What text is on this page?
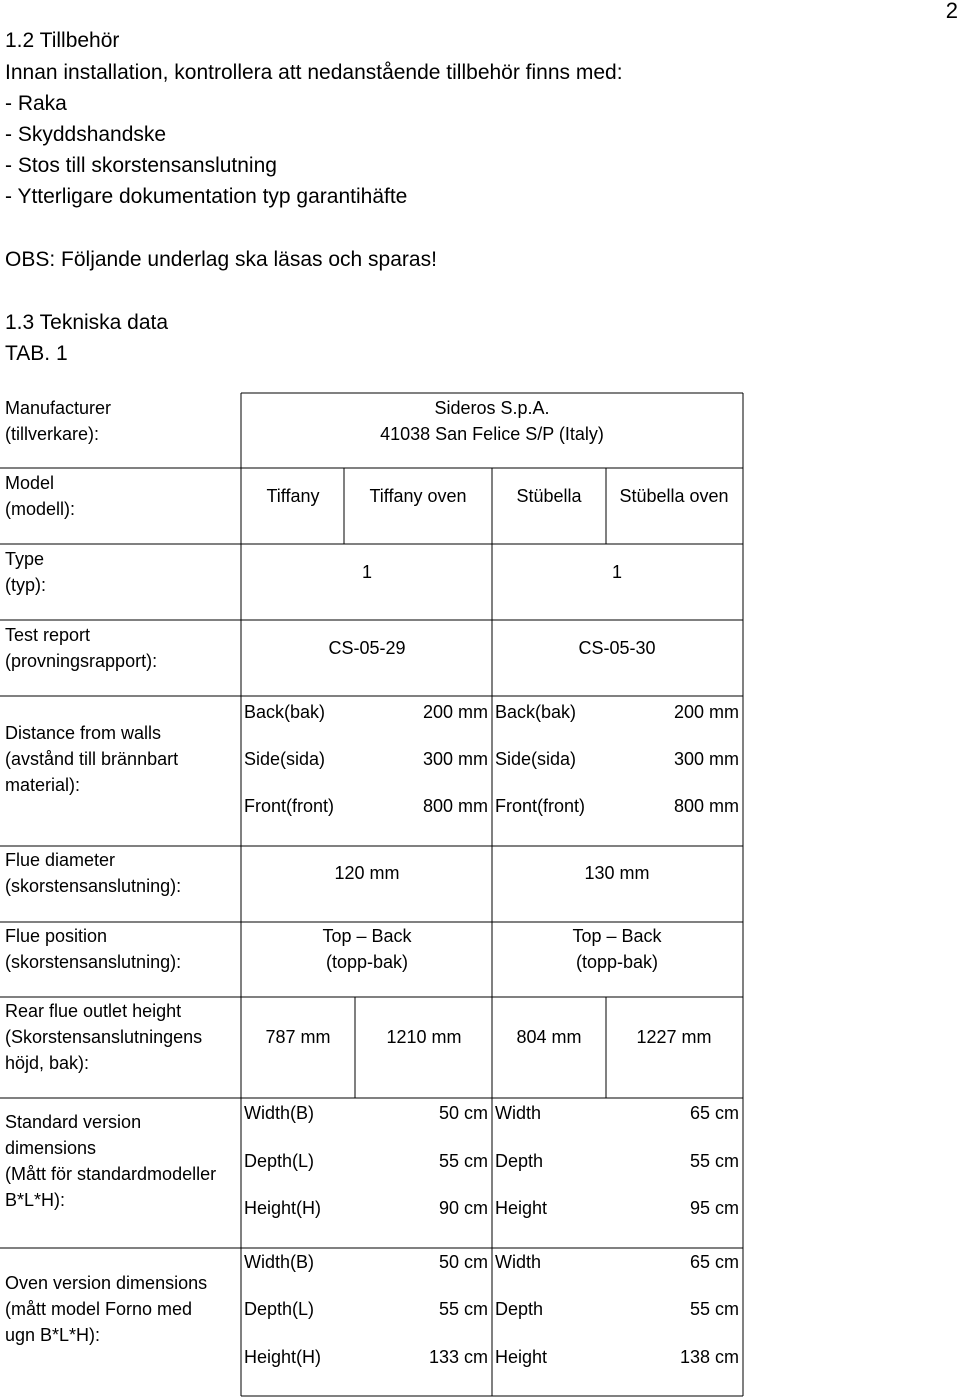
2
1.2 Tillbehör
Innan installation, kontrollera att nedanstående tillbehör finns med:
- Raka
- Skyddshandske
- Stos till skorstensanslutning
- Ytterligare dokumentation typ garantihäfte
OBS: Följande underlag ska läsas och sparas!
1.3 Tekniska data
TAB. 1
Manufacturer
(tillverkare):
Sideros S.p.A.
41038 San Felice S/P (Italy)
Model
(modell):
Tiffany	Tiffany oven	Stübella Stübella oven
Type
(typ):
1	1
Test report
(provningsrapport):
CS-05-29	CS-05-30
Distance from walls
(avstånd till brännbart
material):
Back(bak)	200 mm Back(bak)	200 mm
Side(sida)	300 mm Side(sida)	300 mm
Front(front)	800 mm Front(front)	800 mm
Flue diameter
(skorstensanslutning):
120 mm	130 mm
Flue position
(skorstensanslutning):
Top – Back
(topp-bak)
Top – Back
(topp-bak)
Rear flue outlet height
(Skorstensanslutningens
höjd, bak):
787 mm	1210 mm	804 mm	1227 mm
Standard version
dimensions
(Mått för standardmodeller
B*L*H):
Width(B)	50 cm Width	65 cm
Depth(L)	55 cm Depth	55 cm
Height(H)	90 cm Height	95 cm
Oven version dimensions
(mått model Forno med
ugn B*L*H):
Width(B)	50 cm Width	65 cm
Depth(L)	55 cm Depth	55 cm
Height(H)	133 cm Height	138 cm
